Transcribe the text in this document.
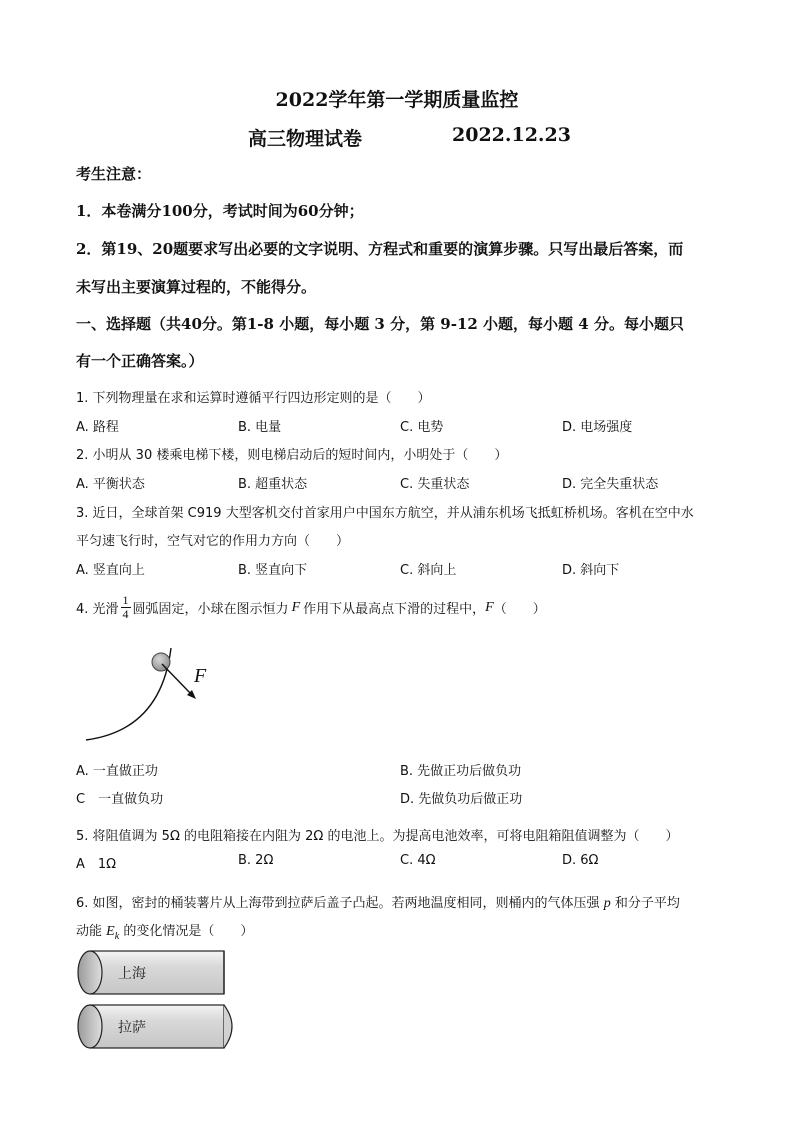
2022学年第一学期质量监控
高三物理试卷	2022.12.23
考生注意：
1．本卷满分100分，考试时间为60分钟；
2．第19、20题要求写出必要的文字说明、方程式和重要的演算步骤。只写出最后答案，而
未写出主要演算过程的，不能得分。
一、选择题（共40分。第1-8 小题，每小题 3 分，第 9-12 小题，每小题 4 分。每小题只
有一个正确答案。）
1. 下列物理量在求和运算时遵循平行四边形定则的是（　　）
A. 路程	B. 电量	C. 电势	D. 电场强度
2. 小明从 30 楼乘电梯下楼，则电梯启动后的短时间内，小明处于（　　）
A. 平衡状态	B. 超重状态	C. 失重状态	D. 完全失重状态
3. 近日，全球首架 C919 大型客机交付首家用户中国东方航空，并从浦东机场飞抵虹桥机场。客机在空中水
平匀速飞行时，空气对它的作用力方向（　　）
A. 竖直向上	B. 竖直向下	C. 斜向上	D. 斜向下
4. 光滑 $\frac{1}{4}$ 圆弧固定，小球在图示恒力 F 作用下从最高点下滑的过程中， F （　　）
F
A. 一直做正功	B. 先做正功后做负功
C　一直做负功	D. 先做负功后做正功
5. 将阻值调为 5Ω 的电阻箱接在内阻为 2Ω 的电池上。为提高电池效率，可将电阻箱阻值调整为（　　）
A　1Ω	B. 2Ω	C. 4Ω	D. 6Ω
6. 如图，密封的桶装薯片从上海带到拉萨后盖子凸起。若两地温度相同，则桶内的气体压强 p 和分子平均
动能 $E_k$ 的变化情况是（　　）
上海
拉萨
